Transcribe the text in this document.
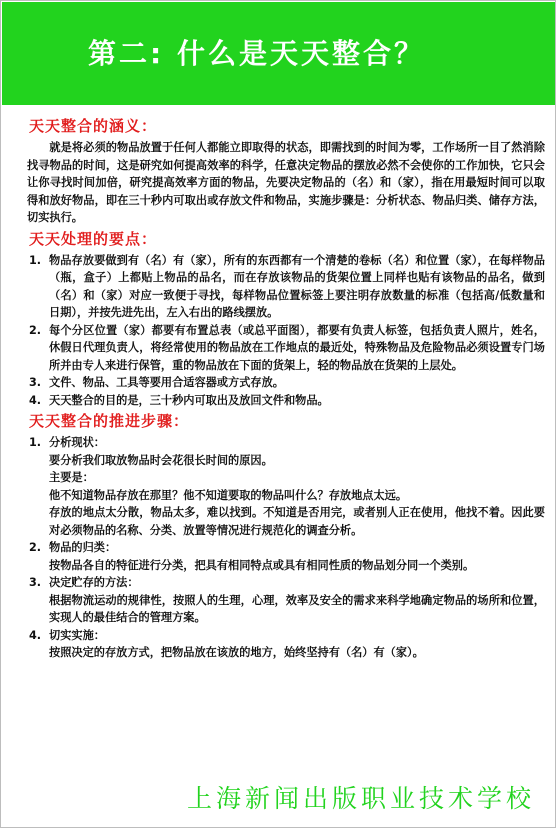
第二: 什么是天天整合？
天天整合的涵义：

就是将必须的物品放置于任何人都能立即取得的状态，即需找到的时间为零，工作场所一目了然消除找寻物品的时间，这是研究如何提高效率的科学，任意决定物品的摆放必然不会使你的工作加快，它只会让你寻找时间加倍，研究提高效率方面的物品，先要决定物品的（名）和（家），指在用最短时间可以取得和放好物品，即在三十秒内可取出或存放文件和物品，实施步骤是：分析状态、物品归类、储存方法，切实执行。

天天处理的要点：
1. 物品存放要做到有（名）有（家），所有的东西都有一个清楚的卷标（名）和位置（家），在每样物品（瓶，盒子）上都贴上物品的品名，而在存放该物品的货架位置上同样也贴有该物品的品名，做到（名）和（家）对应一致便于寻找，每样物品位置标签上要注明存放数量的标准（包括高/低数量和日期），并按先进先出，左入右出的路线摆放。
2. 每个分区位置（家）都要有布置总表（或总平面图），都要有负责人标签，包括负责人照片，姓名，休假日代理负责人，将经常使用的物品放在工作地点的最近处，特殊物品及危险物品必须设置专门场所并由专人来进行保管，重的物品放在下面的货架上，轻的物品放在货架的上层处。
3. 文件、物品、工具等要用合适容器或方式存放。
4. 天天整合的目的是，三十秒内可取出及放回文件和物品。
天天整合的推进步骤：
1. 分析现状：
要分析我们取放物品时会花很长时间的原因。
主要是：
他不知道物品存放在那里？他不知道要取的物品叫什么？存放地点太远。
存放的地点太分散，物品太多，难以找到。不知道是否用完，或者别人正在使用，他找不着。因此要对必须物品的名称、分类、放置等情况进行规范化的调查分析。
2. 物品的归类：
按物品各自的特征进行分类，把具有相同特点或具有相同性质的物品划分同一个类别。
3. 决定贮存的方法：
根据物流运动的规律性，按照人的生理，心理，效率及安全的需求来科学地确定物品的场所和位置，实现人的最佳结合的管理方案。
4. 切实实施：
按照决定的存放方式，把物品放在该放的地方，始终坚持有（名）有（家）。
上海新闻出版职业技术学校
